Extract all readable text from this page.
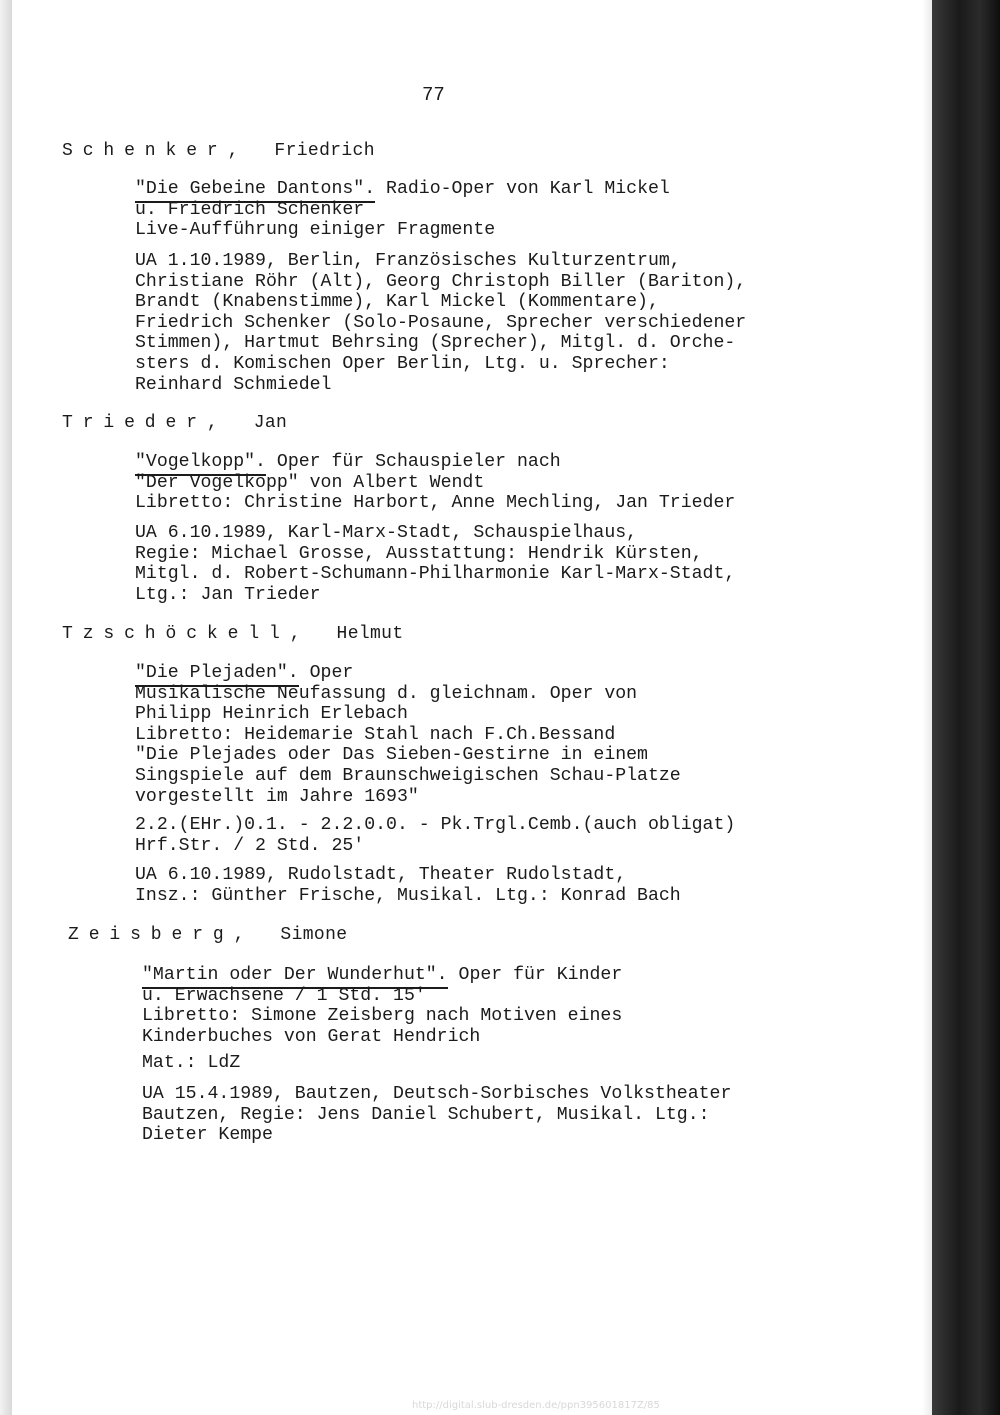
77
Schenker, Friedrich
"Die Gebeine Dantons". Radio-Oper von Karl Mickel
u. Friedrich Schenker
Live-Aufführung einiger Fragmente
UA 1.10.1989, Berlin, Französisches Kulturzentrum,
Christiane Röhr (Alt), Georg Christoph Biller (Bariton),
Brandt (Knabenstimme), Karl Mickel (Kommentare),
Friedrich Schenker (Solo-Posaune, Sprecher verschiedener
Stimmen), Hartmut Behrsing (Sprecher), Mitgl. d. Orche-
sters d. Komischen Oper Berlin, Ltg. u. Sprecher:
Reinhard Schmiedel
Trieder, Jan
"Vogelkopp". Oper für Schauspieler nach
"Der Vogelkopp" von Albert Wendt
Libretto: Christine Harbort, Anne Mechling, Jan Trieder
UA 6.10.1989, Karl-Marx-Stadt, Schauspielhaus,
Regie: Michael Grosse, Ausstattung: Hendrik Kürsten,
Mitgl. d. Robert-Schumann-Philharmonie Karl-Marx-Stadt,
Ltg.: Jan Trieder
Tzschöckell, Helmut
"Die Plejaden". Oper
Musikalische Neufassung d. gleichnam. Oper von
Philipp Heinrich Erlebach
Libretto: Heidemarie Stahl nach F.Ch.Bessand
"Die Plejades oder Das Sieben-Gestirne in einem
Singspiele auf dem Braunschweigischen Schau-Platze
vorgestellt im Jahre 1693"
2.2.(EHr.)0.1. - 2.2.0.0. - Pk.Trgl.Cemb.(auch obligat)
Hrf.Str. / 2 Std. 25'
UA 6.10.1989, Rudolstadt, Theater Rudolstadt,
Insz.: Günther Frische, Musikal. Ltg.: Konrad Bach
Zeisberg, Simone
"Martin oder Der Wunderhut". Oper für Kinder
u. Erwachsene / 1 Std. 15'
Libretto: Simone Zeisberg nach Motiven eines
Kinderbuches von Gerat Hendrich
Mat.: LdZ
UA 15.4.1989, Bautzen, Deutsch-Sorbisches Volkstheater
Bautzen, Regie: Jens Daniel Schubert, Musikal. Ltg.:
Dieter Kempe
http://digital.slub-dresden.de/ppn395601817Z/85
